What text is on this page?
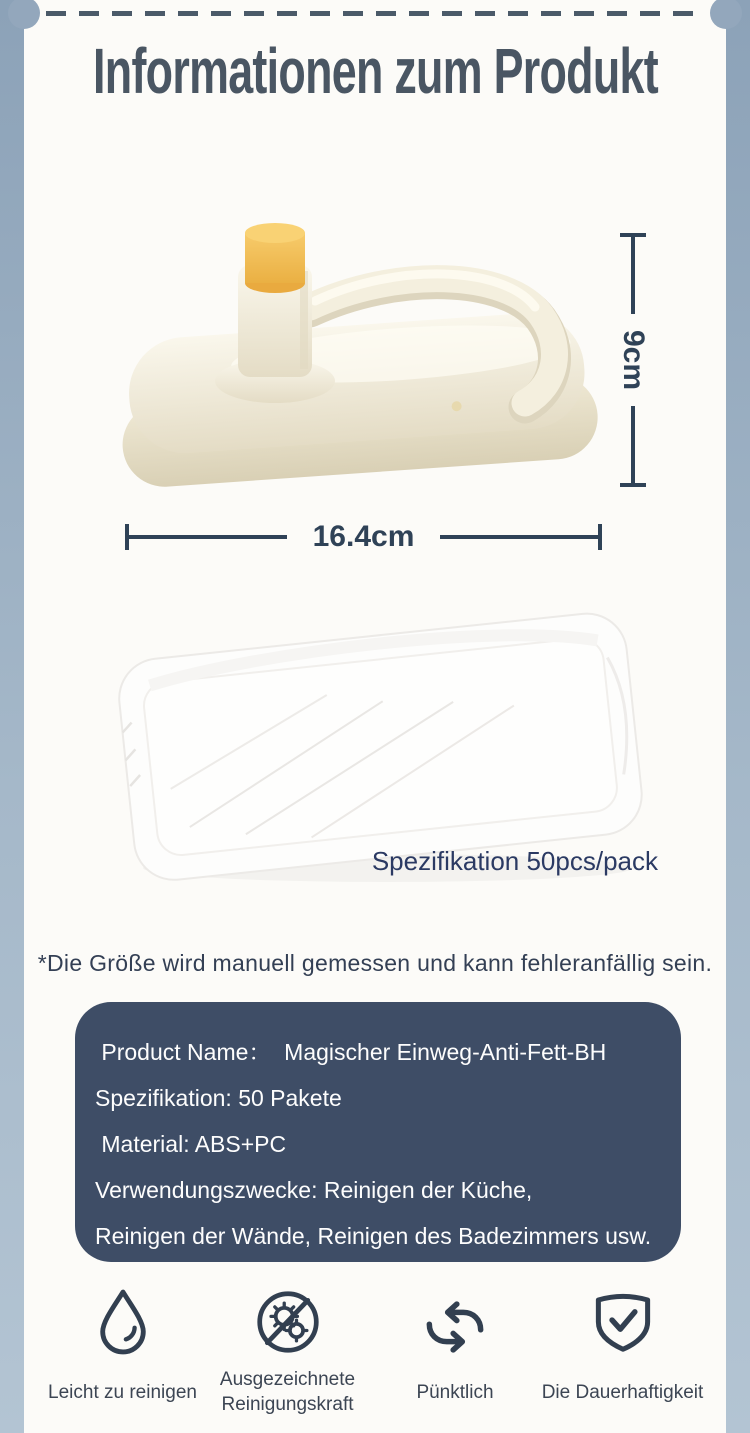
Informationen zum Produkt
9cm
16.4cm
Spezifikation 50pcs/pack
*Die Größe wird manuell gemessen und kann fehleranfällig sein.
Product Name：  Magischer Einweg-Anti-Fett-BH
Spezifikation: 50 Pakete
Material: ABS+PC
Verwendungszwecke: Reinigen der Küche,
Reinigen der Wände, Reinigen des Badezimmers usw.
Leicht zu reinigen
Ausgezeichnete Reinigungskraft
Pünktlich	Die Dauerhaftigkeit
